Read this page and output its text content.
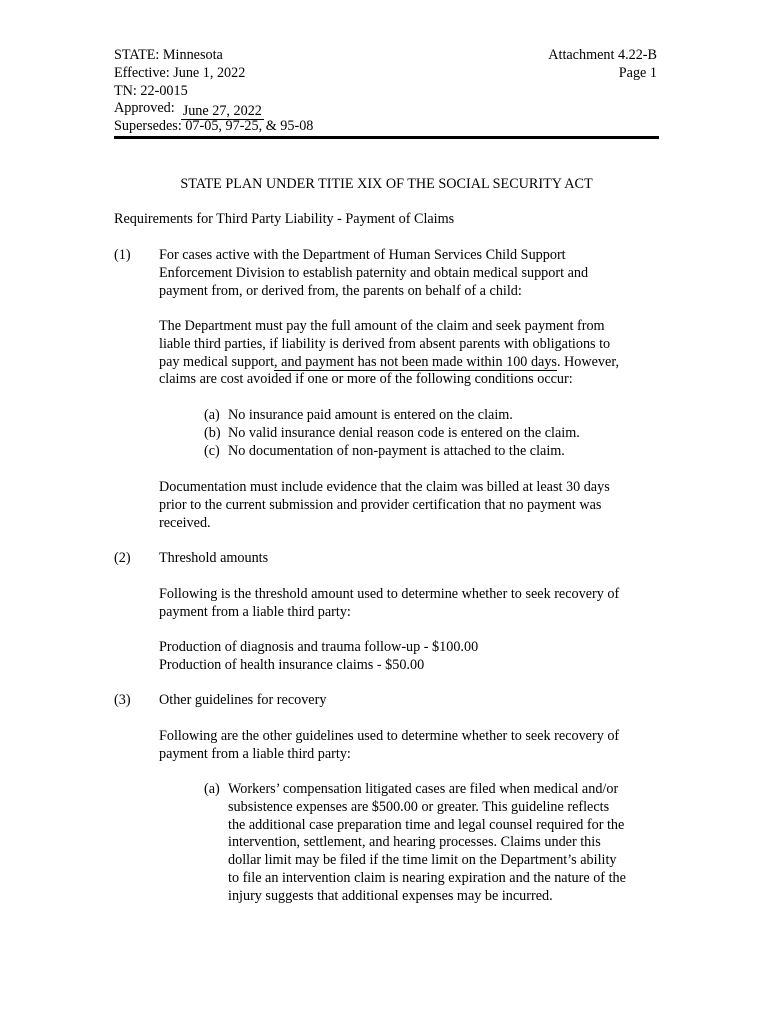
STATE: Minnesota
Effective: June 1, 2022
TN: 22-0015
Approved: June 27, 2022
Supersedes: 07-05, 97-25, & 95-08
Attachment 4.22-B
Page 1
STATE PLAN UNDER TITIE XIX OF THE SOCIAL SECURITY ACT
Requirements for Third Party Liability - Payment of Claims
(1) For cases active with the Department of Human Services Child Support
Enforcement Division to establish paternity and obtain medical support and
payment from, or derived from, the parents on behalf of a child:
The Department must pay the full amount of the claim and seek payment from
liable third parties, if liability is derived from absent parents with obligations to
pay medical support, and payment has not been made within 100 days. However,
claims are cost avoided if one or more of the following conditions occur:
(a) No insurance paid amount is entered on the claim.
(b) No valid insurance denial reason code is entered on the claim.
(c) No documentation of non-payment is attached to the claim.
Documentation must include evidence that the claim was billed at least 30 days
prior to the current submission and provider certification that no payment was
received.
(2) Threshold amounts
Following is the threshold amount used to determine whether to seek recovery of
payment from a liable third party:
Production of diagnosis and trauma follow-up - $100.00
Production of health insurance claims - $50.00
(3) Other guidelines for recovery
Following are the other guidelines used to determine whether to seek recovery of
payment from a liable third party:
(a) Workers’ compensation litigated cases are filed when medical and/or
subsistence expenses are $500.00 or greater. This guideline reflects
the additional case preparation time and legal counsel required for the
intervention, settlement, and hearing processes. Claims under this
dollar limit may be filed if the time limit on the Department’s ability
to file an intervention claim is nearing expiration and the nature of the
injury suggests that additional expenses may be incurred.
